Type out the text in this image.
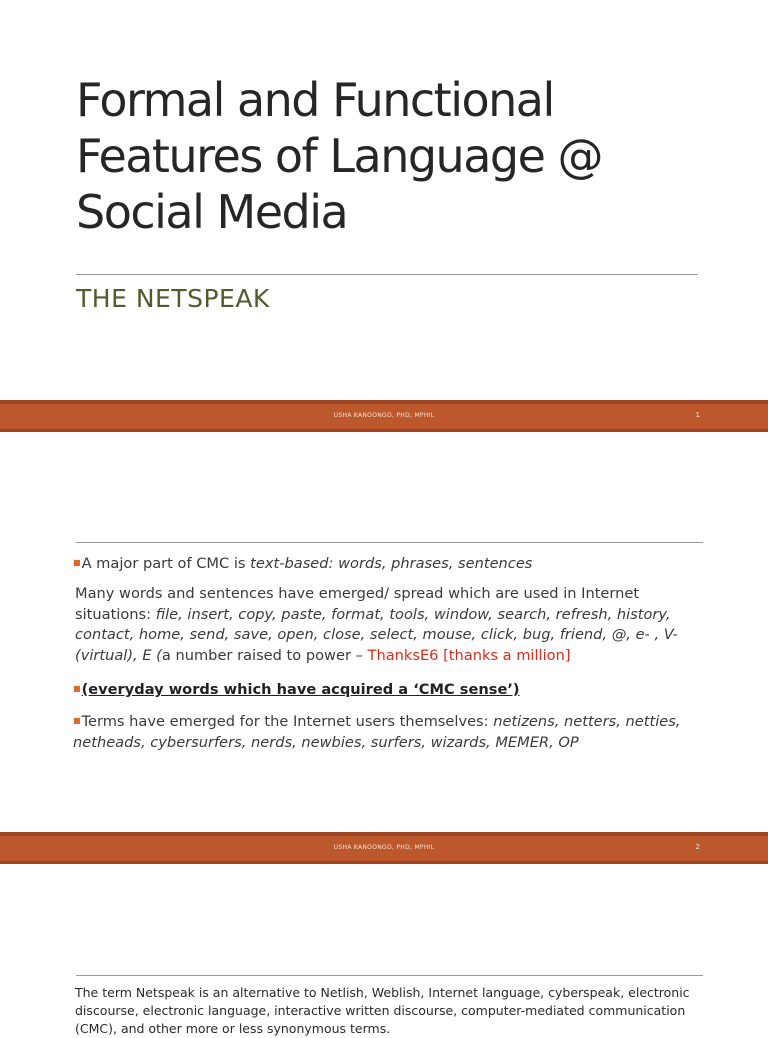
Formal and Functional
Features of Language @
Social Media
THE NETSPEAK
USHA KANOONGO, PHD, MPHIL	1
■A major part of CMC is text-based: words, phrases, sentences
Many words and sentences have emerged/ spread which are used in Internet situations: file, insert, copy, paste, format, tools, window, search, refresh, history, contact, home, send, save, open, close, select, mouse, click, bug, friend, @, e- , V- (virtual), E (a number raised to power – ThanksE6 [thanks a million]
■(everyday words which have acquired a ‘CMC sense’)
■Terms have emerged for the Internet users themselves: netizens, netters, netties, netheads, cybersurfers, nerds, newbies, surfers, wizards, MEMER, OP
USHA KANOONGO, PHD, MPHIL	2
The term Netspeak is an alternative to Netlish, Weblish, Internet language, cyberspeak, electronic discourse, electronic language, interactive written discourse, computer-mediated communication (CMC), and other more or less synonymous terms.
